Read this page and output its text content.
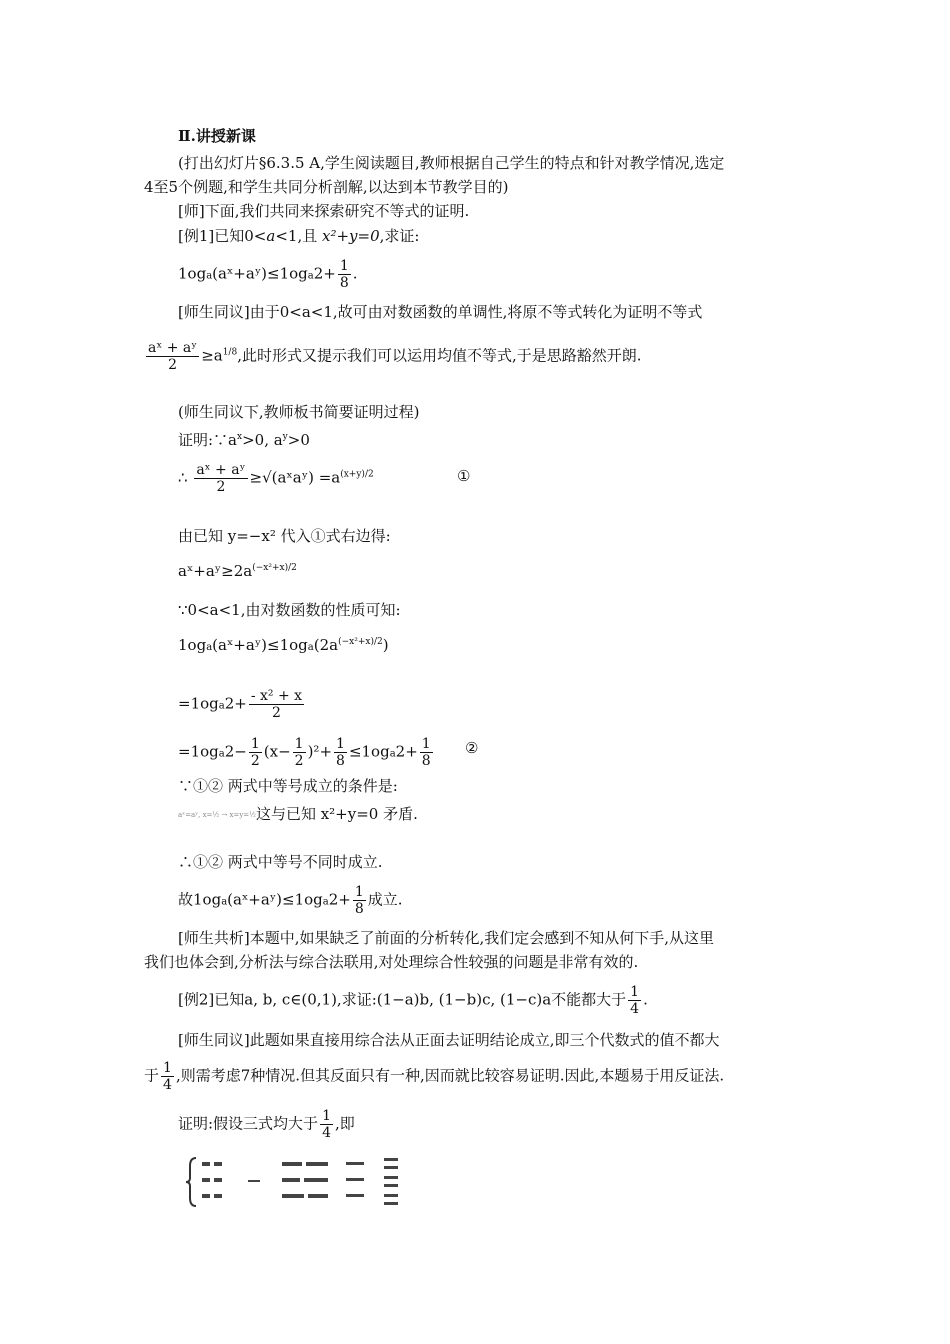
Ⅱ.讲授新课
(打出幻灯片§6.3.5 A,学生阅读题目,教师根据自己学生的特点和针对教学情况,选定
4至5个例题,和学生共同分析剖解,以达到本节教学目的)
[师]下面,我们共同来探索研究不等式的证明.
[例1]已知0<a<1,且 x²+y=0,求证:
1oga(aˣ+aʸ)≤1oga2+ $\frac{1}{8}$ .
[师生同议]由于0<a<1,故可由对数函数的单调性,将原不等式转化为证明不等式
$\frac{\text{aˣ + aʸ}}{2} \ge a^{1/8}$,此时形式又提示我们可以运用均值不等式,于是思路豁然开朗.
(师生同议下,教师板书简要证明过程)
证明$:\because a^x>0$, $a^y>0$
∴ $\frac{\text{aˣ + aʸ}}{2}$ ≥√(aˣaʸ) $=a^{(x+y)/2}$	①
由已知 y=−x² 代入①式右边得:
$aˣ+aʸ\ge 2a^{(-x^2+x)/2}$
∵0<a<1,由对数函数的性质可知:
$1oga(aˣ+aʸ)\le 1oga(2a^{(-x^2+x)/2})$
$=1oga2+ \frac{\text{- x² + x}}{2}$
$=1oga2- \frac{1}{2} (x- \frac{1}{2} )^2+ \frac{1}{8} \le 1oga2+ \frac{1}{8}$ ②
∵①② 两式中等号成立的条件是:
aˣ=aʸ, x=½ → x=y=½这与已知 x²+y=0 矛盾.
∴①② 两式中等号不同时成立.
故1oga(aˣ+aʸ)≤1oga2+ $\frac{1}{8}$ 成立.
[师生共析]本题中,如果缺乏了前面的分析转化,我们定会感到不知从何下手,从这里
我们也体会到,分析法与综合法联用,对处理综合性较强的问题是非常有效的.
[例2]已知a, b, c∈(0,1),求证:(1−a)b, (1−b)c, (1−c)a不能都大于 $\frac{1}{4}$ .
[师生同议]此题如果直接用综合法从正面去证明结论成立,即三个代数式的值不都大
于 $\frac{1}{4}$ ,则需考虑7种情况.但其反面只有一种,因而就比较容易证明.因此,本题易于用反证法.
证明:假设三式均大于 $\frac{1}{4}$ ,即
